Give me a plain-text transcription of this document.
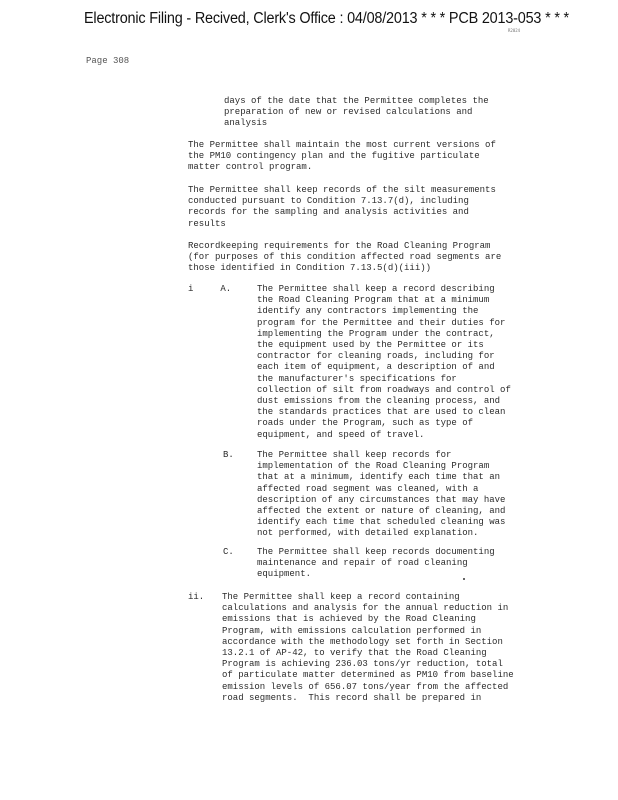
Electronic Filing - Recived, Clerk's Office : 04/08/2013 * * * PCB 2013-053 * * *
R2024
Page 308
days of the date that the Permittee completes the
preparation of new or revised calculations and
analysis
The Permittee shall maintain the most current versions of
the PM10 contingency plan and the fugitive particulate
matter control program.
The Permittee shall keep records of the silt measurements
conducted pursuant to Condition 7.13.7(d), including
records for the sampling and analysis activities and
results
Recordkeeping requirements for the Road Cleaning Program
(for purposes of this condition affected road segments are
those identified in Condition 7.13.5(d)(iii))
i     A.	The Permittee shall keep a record describing
the Road Cleaning Program that at a minimum
identify any contractors implementing the
program for the Permittee and their duties for
implementing the Program under the contract,
the equipment used by the Permittee or its
contractor for cleaning roads, including for
each item of equipment, a description of and
the manufacturer's specifications for
collection of silt from roadways and control of
dust emissions from the cleaning process, and
the standards practices that are used to clean
roads under the Program, such as type of
equipment, and speed of travel.
B.	The Permittee shall keep records for
implementation of the Road Cleaning Program
that at a minimum, identify each time that an
affected road segment was cleaned, with a
description of any circumstances that may have
affected the extent or nature of cleaning, and
identify each time that scheduled cleaning was
not performed, with detailed explanation.
C.	The Permittee shall keep records documenting
maintenance and repair of road cleaning
equipment.
ii. The Permittee shall keep a record containing
calculations and analysis for the annual reduction in
emissions that is achieved by the Road Cleaning
Program, with emissions calculation performed in
accordance with the methodology set forth in Section
13.2.1 of AP-42, to verify that the Road Cleaning
Program is achieving 236.03 tons/yr reduction, total
of particulate matter determined as PM10 from baseline
emission levels of 656.07 tons/year from the affected
road segments.  This record shall be prepared in
